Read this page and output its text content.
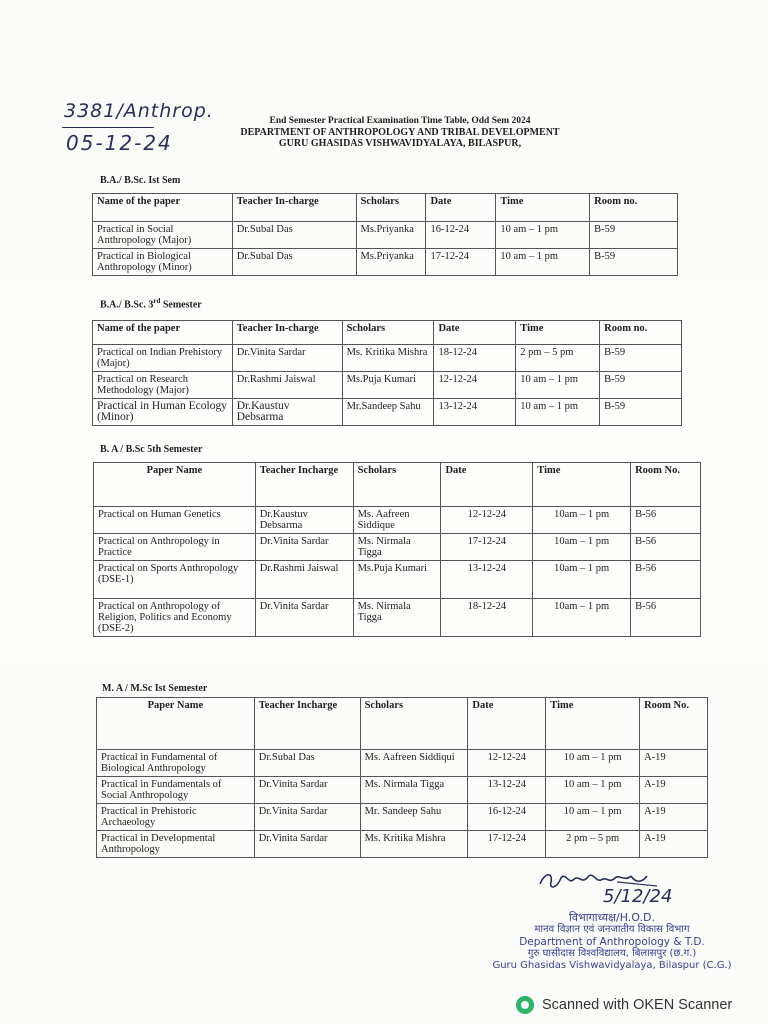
3381/Anthrop.
05-12-24
End Semester Practical Examination Time Table, Odd Sem 2024
DEPARTMENT OF ANTHROPOLOGY AND TRIBAL DEVELOPMENT
GURU GHASIDAS VISHWAVIDYALAYA, BILASPUR,
B.A./ B.Sc. Ist Sem
Name of the paper	Teacher In-charge	Scholars	Date	Time	Room no.
Practical in Social Anthropology (Major)	Dr.Subal Das	Ms.Priyanka	16-12-24	10 am – 1 pm	B-59
Practical in Biological Anthropology (Minor)	Dr.Subal Das	Ms.Priyanka	17-12-24	10 am – 1 pm	B-59
B.A./ B.Sc. 3rd Semester
Name of the paper	Teacher In-charge	Scholars	Date	Time	Room no.
Practical on Indian Prehistory (Major)	Dr.Vinita Sardar	Ms. Kritika Mishra	18-12-24	2 pm – 5 pm	B-59
Practical on Research Methodology (Major)	Dr.Rashmi Jaiswal	Ms.Puja Kumari	12-12-24	10 am – 1 pm	B-59
Practical in Human Ecology (Minor)	Dr.Kaustuv Debsarma	Mr.Sandeep Sahu	13-12-24	10 am – 1 pm	B-59
B. A / B.Sc 5th Semester
Paper Name	Teacher Incharge	Scholars	Date	Time	Room No.
Practical on Human Genetics	Dr.Kaustuv Debsarma	Ms. Aafreen Siddique	12-12-24	10am – 1 pm	B-56
Practical on Anthropology in Practice	Dr.Vinita Sardar	Ms. Nirmala Tigga	17-12-24	10am – 1 pm	B-56
Practical on Sports Anthropology (DSE-1)	Dr.Rashmi Jaiswal	Ms.Puja Kumari	13-12-24	10am – 1 pm	B-56
Practical on Anthropology of Religion, Politics and Economy (DSE-2)	Dr.Vinita Sardar	Ms. Nirmala Tigga	18-12-24	10am – 1 pm	B-56
M. A / M.Sc Ist Semester
Paper Name	Teacher Incharge	Scholars	Date	Time	Room No.
Practical in Fundamental of Biological Anthropology	Dr.Subal Das	Ms. Aafreen Siddiqui	12-12-24	10 am – 1 pm	A-19
Practical in Fundamentals of Social Anthropology	Dr.Vinita Sardar	Ms. Nirmala Tigga	13-12-24	10 am – 1 pm	A-19
Practical in Prehistoric Archaeology	Dr.Vinita Sardar	Mr. Sandeep Sahu	16-12-24	10 am – 1 pm	A-19
Practical in Developmental Anthropology	Dr.Vinita Sardar	Ms. Kritika Mishra	17-12-24	2 pm – 5 pm	A-19
5/12/24
विभागाध्यक्ष/H.O.D.
मानव विज्ञान एवं जनजातीय विकास विभाग
Department of Anthropology & T.D.
गुरु घासीदास विश्वविद्यालय, बिलासपुर (छ.ग.)
Guru Ghasidas Vishwavidyalaya, Bilaspur (C.G.)
Scanned with OKEN Scanner
